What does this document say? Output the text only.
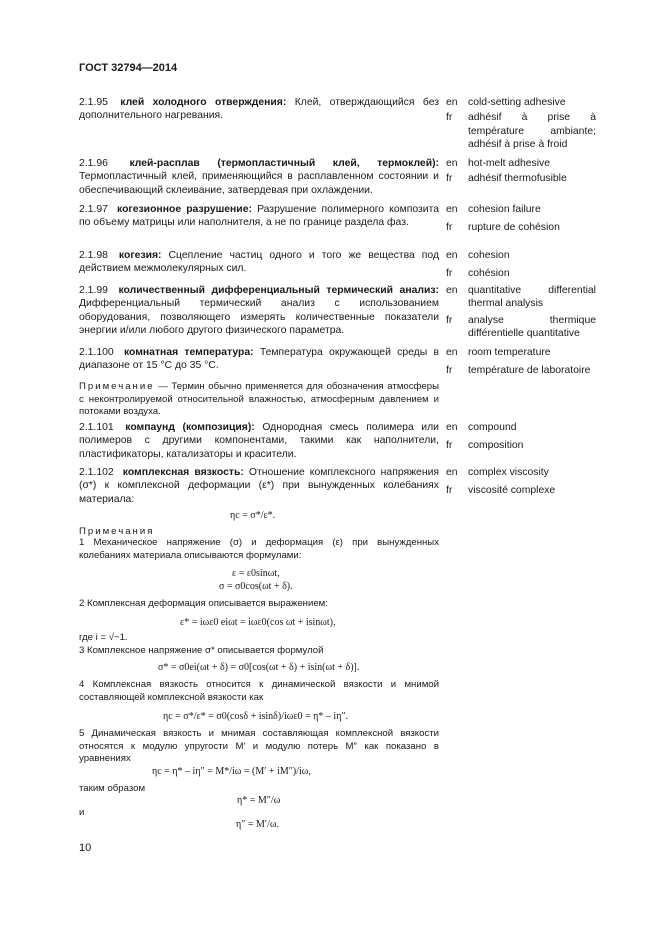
ГОСТ 32794—2014
2.1.95 клей холодного отверждения: Клей, отверждающийся без дополнительного нагревания.
en	cold-setting adhesive
fr	adhésif à prise à température ambiante; adhésif à prise à froid
2.1.96 клей-расплав (термопластичный клей, термоклей): Термопластичный клей, применяющийся в расплавленном состоянии и обеспечивающий склеивание, затвердевая при охлаждении.
en	hot-melt adhesive
fr	adhésif thermofusible
2.1.97 когезионное разрушение: Разрушение полимерного композита по объему матрицы или наполнителя, а не по границе раздела фаз.
en	cohesion failure
fr	rupture de cohésion
2.1.98 когезия: Сцепление частиц одного и того же вещества под действием межмолекулярных сил.
en	cohesion
fr	cohésion
2.1.99 количественный дифференциальный термический анализ: Дифференциальный термический анализ с использованием оборудования, позволяющего измерять количественные показатели энергии и/или любого другого физического параметра.
en	quantitative differential thermal analysis
fr	analyse thermique différentielle quantitative
2.1.100 комнатная температура: Температура окружающей среды в диапазоне от 15 °С до 35 °С.
en	room temperature
fr	température de laboratoire
Примечание — Термин обычно применяется для обозначения атмосферы с неконтролируемой относительной влажностью, атмосферным давлением и потоками воздуха.
2.1.101 компаунд (композиция): Однородная смесь полимера или полимеров с другими компонентами, такими как наполнители, пластификаторы, катализаторы и красители.
en	compound
fr	composition
2.1.102 комплексная вязкость: Отношение комплексного напряжения (σ*) к комплексной деформации (ε*) при вынужденных колебаниях материала:
en	complex viscosity
fr	viscosité complexe
ηc = σ*/ε*.
Примечания
1 Механическое напряжение (σ) и деформация (ε) при вынужденных колебаниях материала описываются формулами:
ε = ε0sinωt,
σ = σ0cos(ωt + δ).
2 Комплексная деформация описывается выражением:
ε* = iωε0 eiωt = iωε0(cos ωt + isinωt),
где i = √−1.
3 Комплексное напряжение σ* описывается формулой
σ* = σ0ei(ωt + δ) = σ0[cos(ωt + δ) + isin(ωt + δ)].
4 Комплексная вязкость относится к динамической вязкости и мнимой составляющей комплексной вязкости как
ηc = σ*/ε* = σ0(cosδ + isinδ)/iωε0 = η* – iη″.
5 Динамическая вязкость и мнимая составляющая комплексной вязкости относятся к модулю упругости M′ и модулю потерь M″ как показано в уравнениях
ηc = η* – iη″ = M*/iω = (M′ + iM″)/iω,
таким образом
η* = M″/ω
и
η″ = M′/ω.
10
